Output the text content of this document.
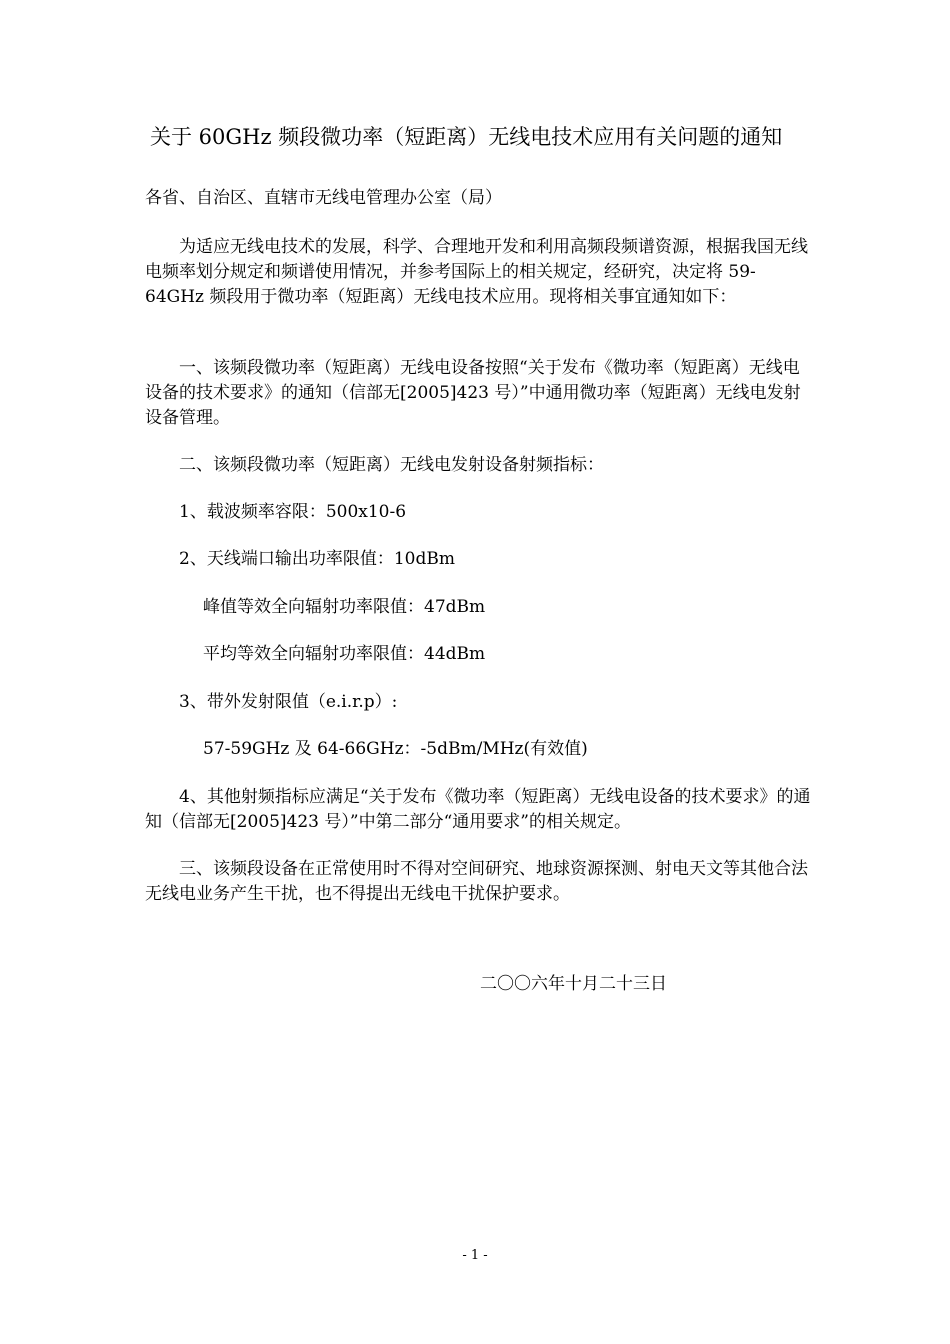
关于 60GHz 频段微功率（短距离）无线电技术应用有关问题的通知
各省、自治区、直辖市无线电管理办公室（局）
为适应无线电技术的发展，科学、合理地开发和利用高频段频谱资源，根据我国无线电频率划分规定和频谱使用情况，并参考国际上的相关规定，经研究，决定将 59-64GHz 频段用于微功率（短距离）无线电技术应用。现将相关事宜通知如下：
一、该频段微功率（短距离）无线电设备按照“关于发布《微功率（短距离）无线电设备的技术要求》的通知（信部无[2005]423 号）”中通用微功率（短距离）无线电发射设备管理。
二、该频段微功率（短距离）无线电发射设备射频指标：
1、载波频率容限：500x10-6
2、天线端口输出功率限值：10dBm
峰值等效全向辐射功率限值：47dBm
平均等效全向辐射功率限值：44dBm
3、带外发射限值（e.i.r.p）:
57-59GHz 及 64-66GHz：-5dBm/MHz(有效值)
4、其他射频指标应满足“关于发布《微功率（短距离）无线电设备的技术要求》的通知（信部无[2005]423 号）”中第二部分“通用要求”的相关规定。
三、该频段设备在正常使用时不得对空间研究、地球资源探测、射电天文等其他合法无线电业务产生干扰，也不得提出无线电干扰保护要求。
二〇〇六年十月二十三日
- 1 -
